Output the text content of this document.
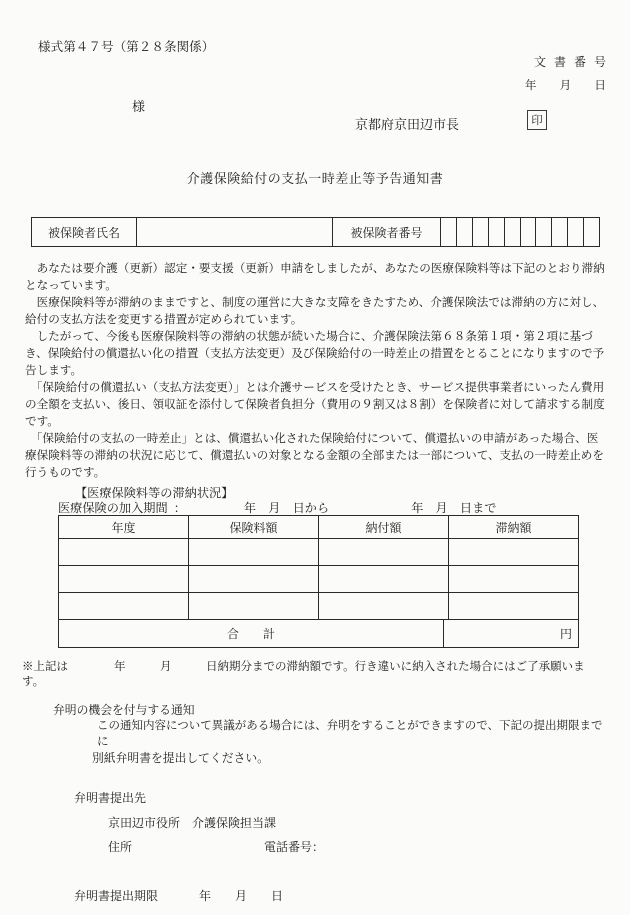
様式第４７号（第２８条関係）
文 書 番 号
年　　月　　日
様
京都府京田辺市長	印
介護保険給付の支払一時差止等予告通知書
被保険者氏名	被保険者番号

　あなたは要介護（更新）認定・要支援（更新）申請をしましたが、あなたの医療保険料等は下記のとおり滞納となっています。

　医療保険料等が滞納のままですと、制度の運営に大きな支障をきたすため、介護保険法では滞納の方に対し、給付の支払方法を変更する措置が定められています。

　したがって、今後も医療保険料等の滞納の状態が続いた場合に、介護保険法第６８条第１項・第２項に基づき、保険給付の償還払い化の措置（支払方法変更）及び保険給付の一時差止の措置をとることになりますので予告します。

　「保険給付の償還払い（支払方法変更）」とは介護サービスを受けたとき、サービス提供事業者にいったん費用の全額を支払い、後日、領収証を添付して保険者負担分（費用の９割又は８割）を保険者に対して請求する制度です。

　「保険給付の支払の一時差止」とは、償還払い化された保険給付について、償還払いの申請があった場合、医療保険料等の滞納の状況に応じて、償還払いの対象となる金額の全部または一部について、支払の一時差止めを行うものです。

【医療保険料等の滞納状況】
医療保険の加入期間 ：	年　月　日から	年　月　日まで
年度	保険料額	納付額	滞納額
合　　計	円
※上記は　　　　年　　　月　　　日納期分までの滞納額です。行き違いに納入された場合にはご了承願います。
弁明の機会を付与する通知
この通知内容について異議がある場合には、弁明をすることができますので、下記の提出期限までに
別紙弁明書を提出してください。
弁明書提出先
京田辺市役所　介護保険担当課
住所	電話番号：
弁明書提出期限	年　　月　　日
